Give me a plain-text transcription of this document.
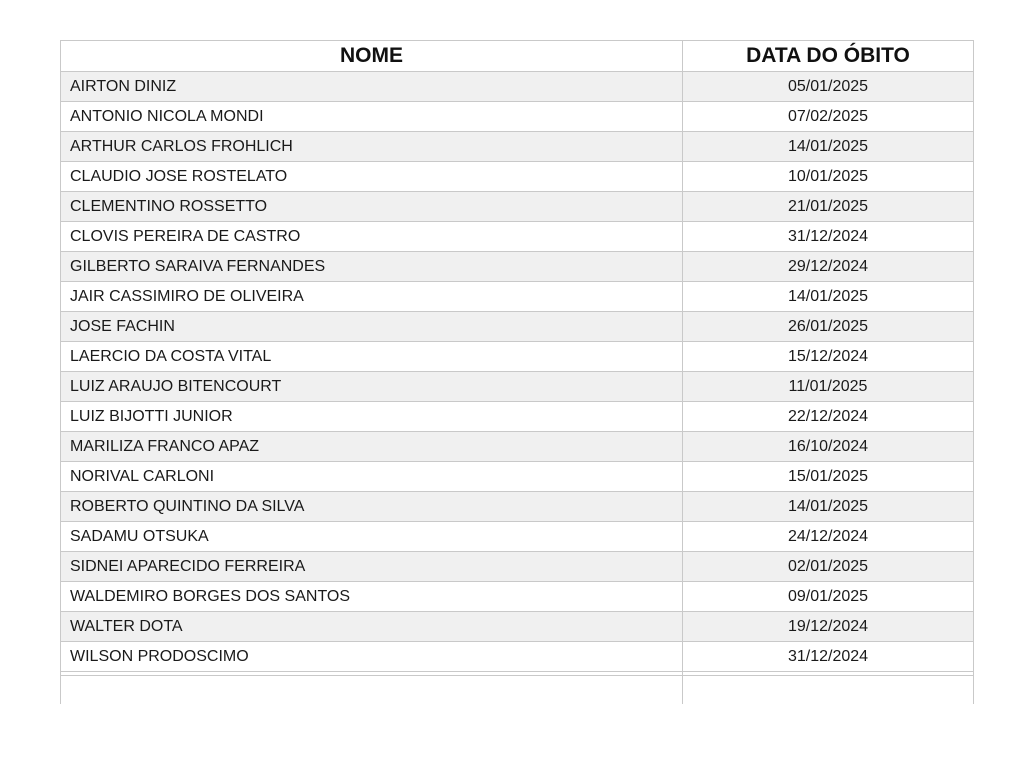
NOME	DATA DO ÓBITO
AIRTON DINIZ	05/01/2025
ANTONIO NICOLA MONDI	07/02/2025
ARTHUR CARLOS FROHLICH	14/01/2025
CLAUDIO JOSE ROSTELATO	10/01/2025
CLEMENTINO ROSSETTO	21/01/2025
CLOVIS PEREIRA DE CASTRO	31/12/2024
GILBERTO SARAIVA FERNANDES	29/12/2024
JAIR CASSIMIRO DE OLIVEIRA	14/01/2025
JOSE FACHIN	26/01/2025
LAERCIO DA COSTA VITAL	15/12/2024
LUIZ ARAUJO BITENCOURT	11/01/2025
LUIZ BIJOTTI JUNIOR	22/12/2024
MARILIZA FRANCO APAZ	16/10/2024
NORIVAL CARLONI	15/01/2025
ROBERTO QUINTINO DA SILVA	14/01/2025
SADAMU OTSUKA	24/12/2024
SIDNEI APARECIDO FERREIRA	02/01/2025
WALDEMIRO BORGES DOS SANTOS	09/01/2025
WALTER DOTA	19/12/2024
WILSON PRODOSCIMO	31/12/2024
